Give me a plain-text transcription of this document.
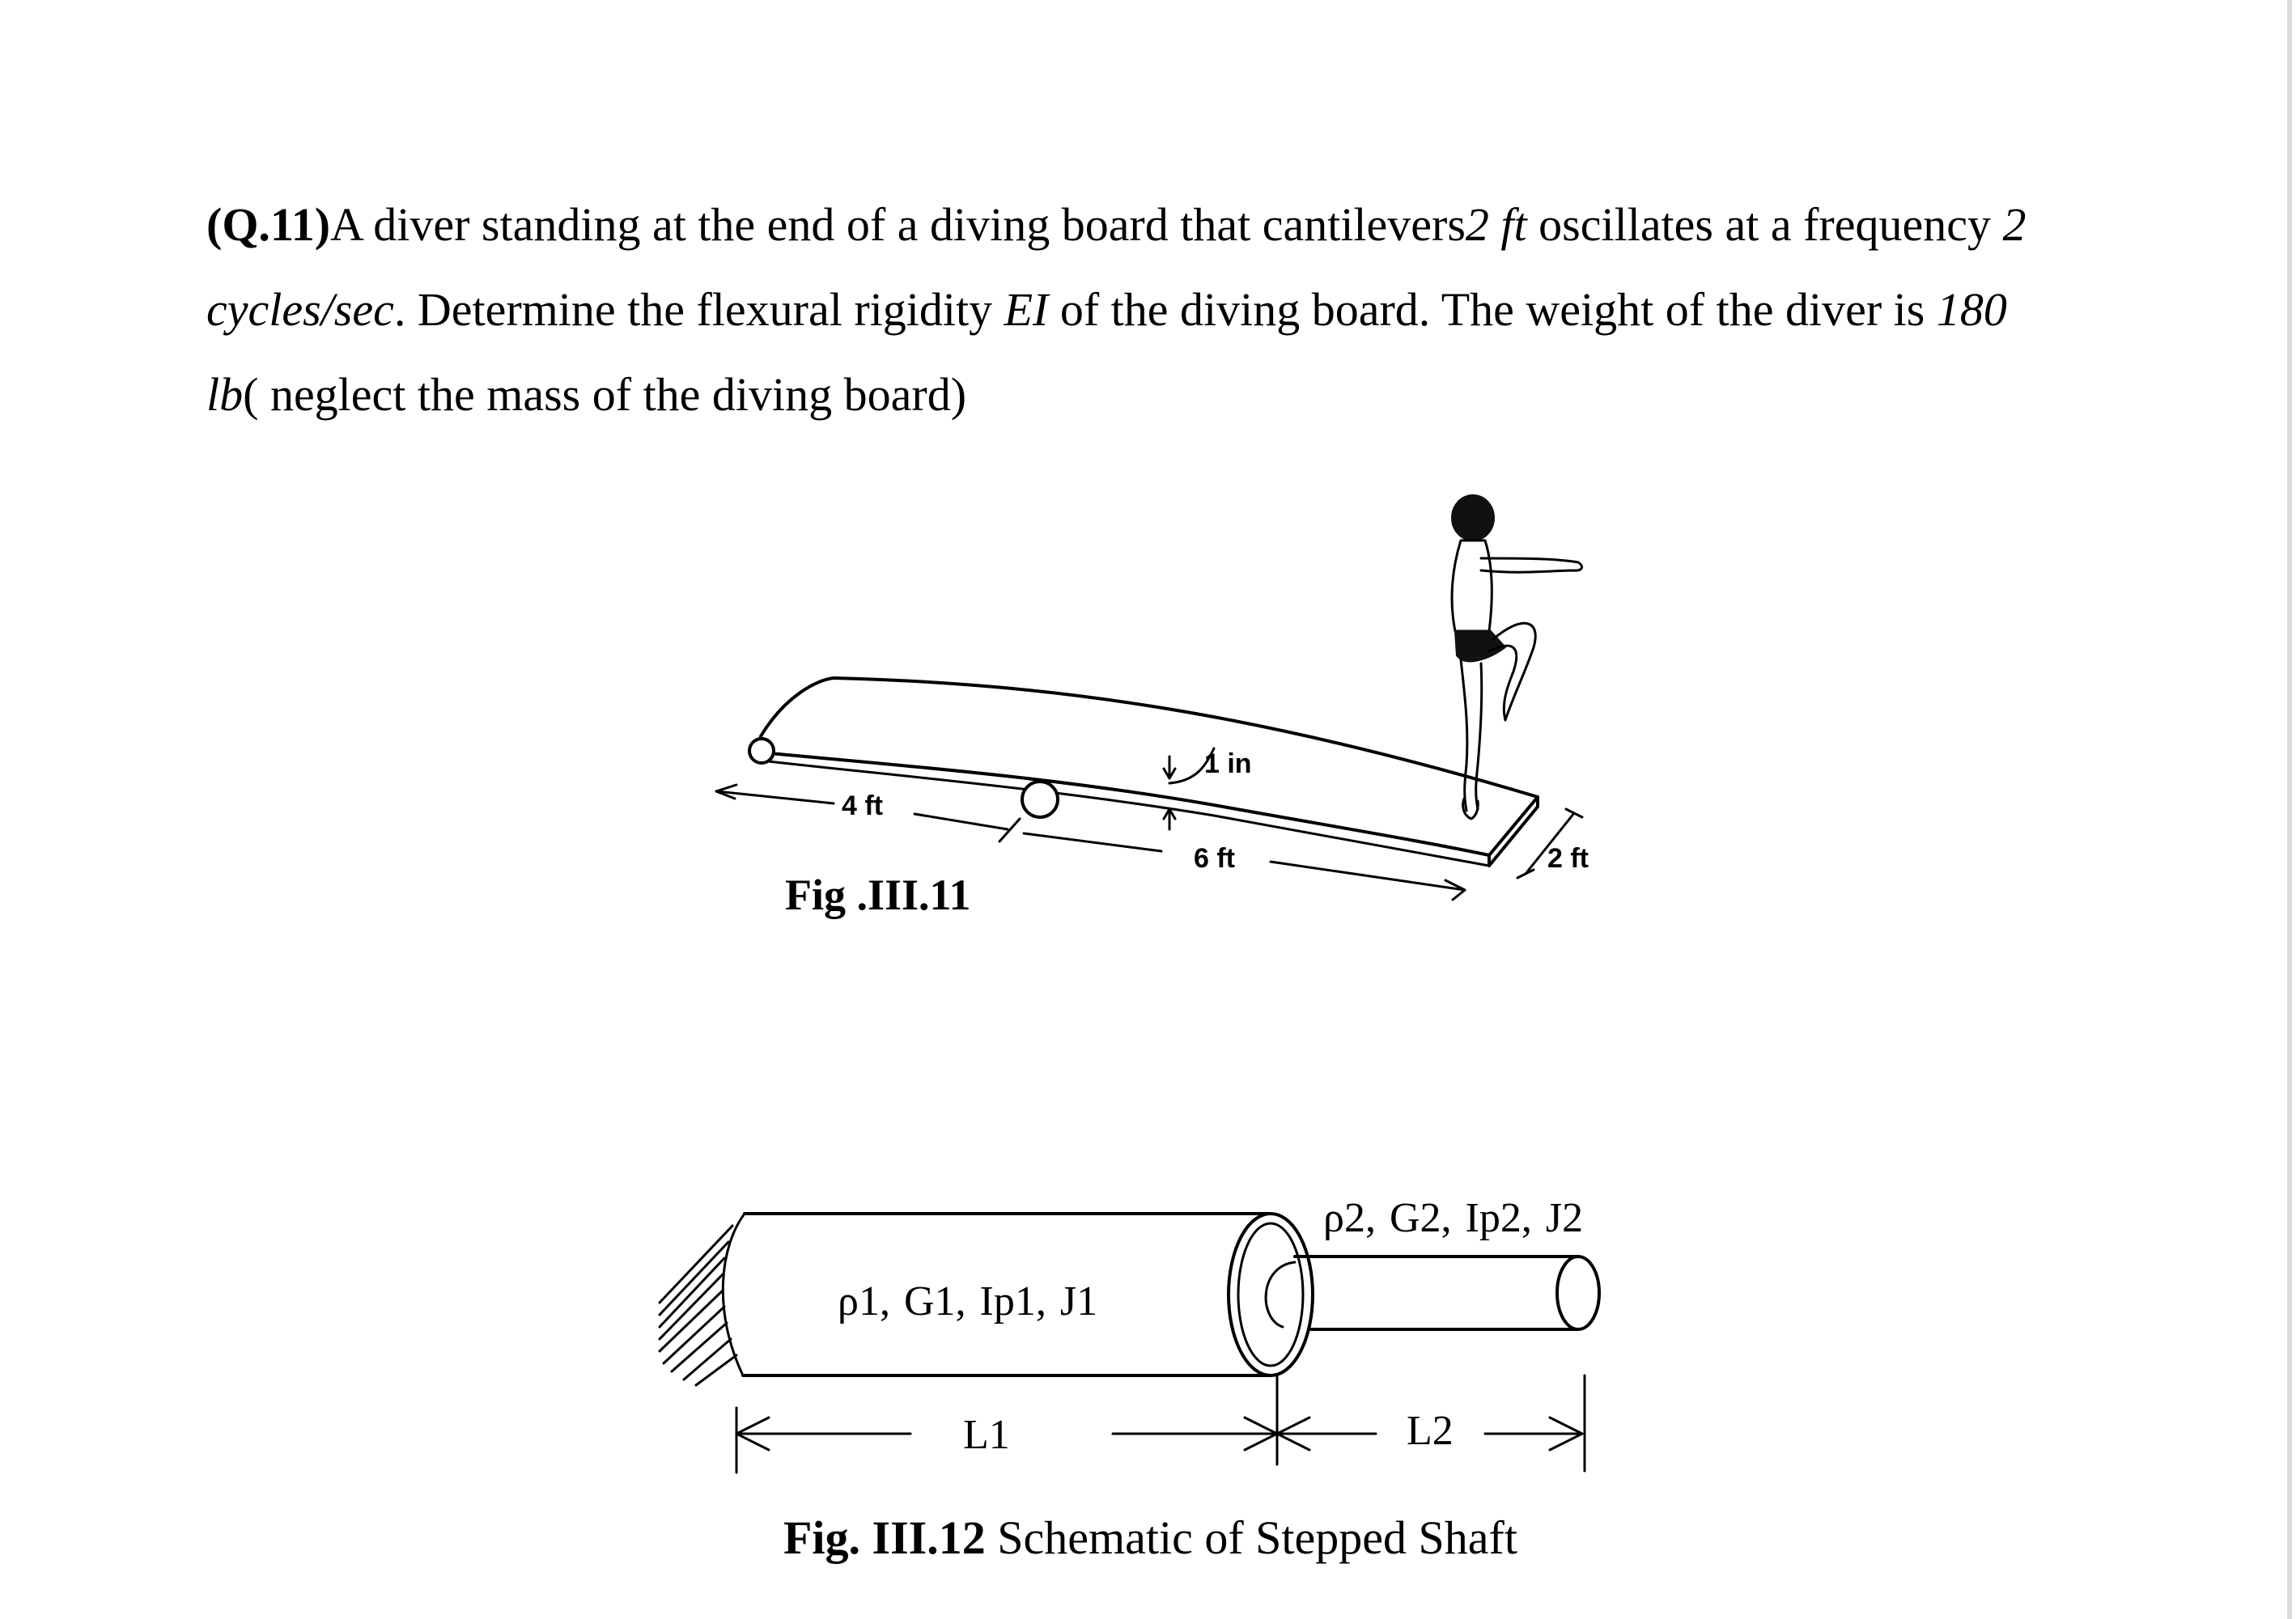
(Q.11)A diver standing at the end of a diving board that cantilevers2 ft oscillates at a frequency 2
cycles/sec. Determine the flexural rigidity EI of the diving board. The weight of the diver is 180
lb( neglect the mass of the diving board)
4 ft
6 ft
1 in
2 ft
ρ1, G1, Ip1, J1
ρ2, G2, Ip2, J2
L1	L2
Fig .III.11
Fig. III.12 Schematic of Stepped Shaft
